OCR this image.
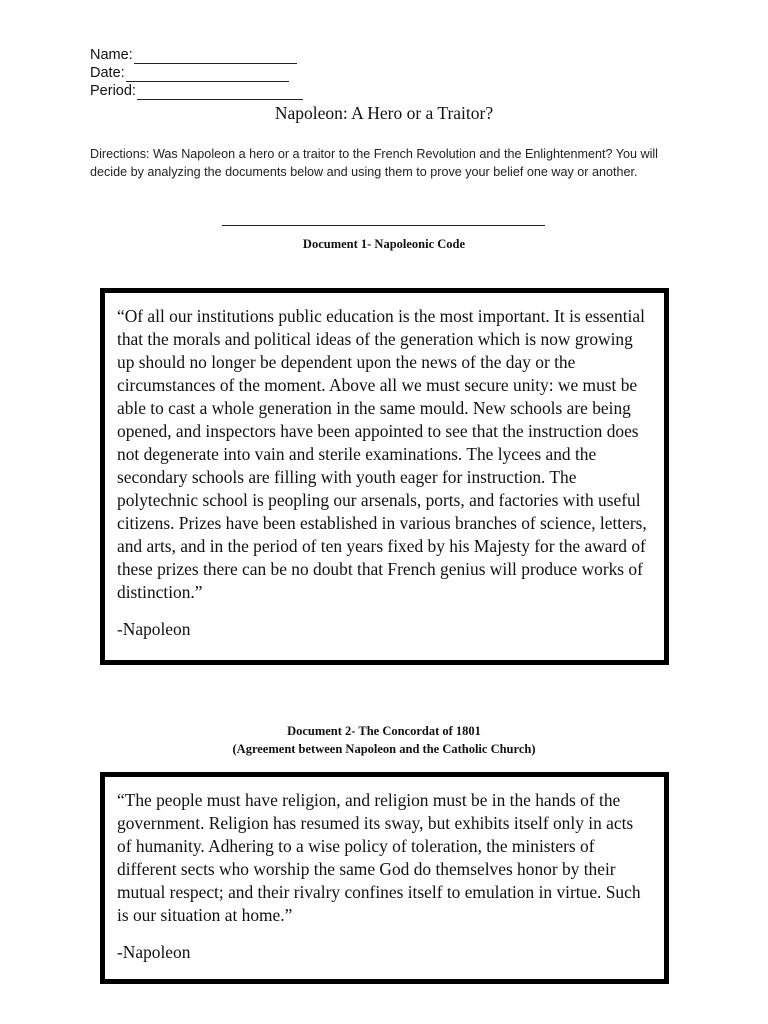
Name:
Date:
Period:
Napoleon: A Hero or a Traitor?
Directions: Was Napoleon a hero or a traitor to the French Revolution and the Enlightenment? You will decide by analyzing the documents below and using them to prove your belief one way or another.
Document 1- Napoleonic Code
“Of all our institutions public education is the most important. It is essential that the morals and political ideas of the generation which is now growing up should no longer be dependent upon the news of the day or the circumstances of the moment. Above all we must secure unity: we must be able to cast a whole generation in the same mould. New schools are being opened, and inspectors have been appointed to see that the instruction does not degenerate into vain and sterile examinations. The lycees and the secondary schools are filling with youth eager for instruction. The polytechnic school is peopling our arsenals, ports, and factories with useful citizens. Prizes have been established in various branches of science, letters, and arts, and in the period of ten years fixed by his Majesty for the award of these prizes there can be no doubt that French genius will produce works of distinction.”
-Napoleon
Document 2- The Concordat of 1801
(Agreement between Napoleon and the Catholic Church)
“The people must have religion, and religion must be in the hands of the government. Religion has resumed its sway, but exhibits itself only in acts of humanity. Adhering to a wise policy of toleration, the ministers of different sects who worship the same God do themselves honor by their mutual respect; and their rivalry confines itself to emulation in virtue. Such is our situation at home.”
-Napoleon
